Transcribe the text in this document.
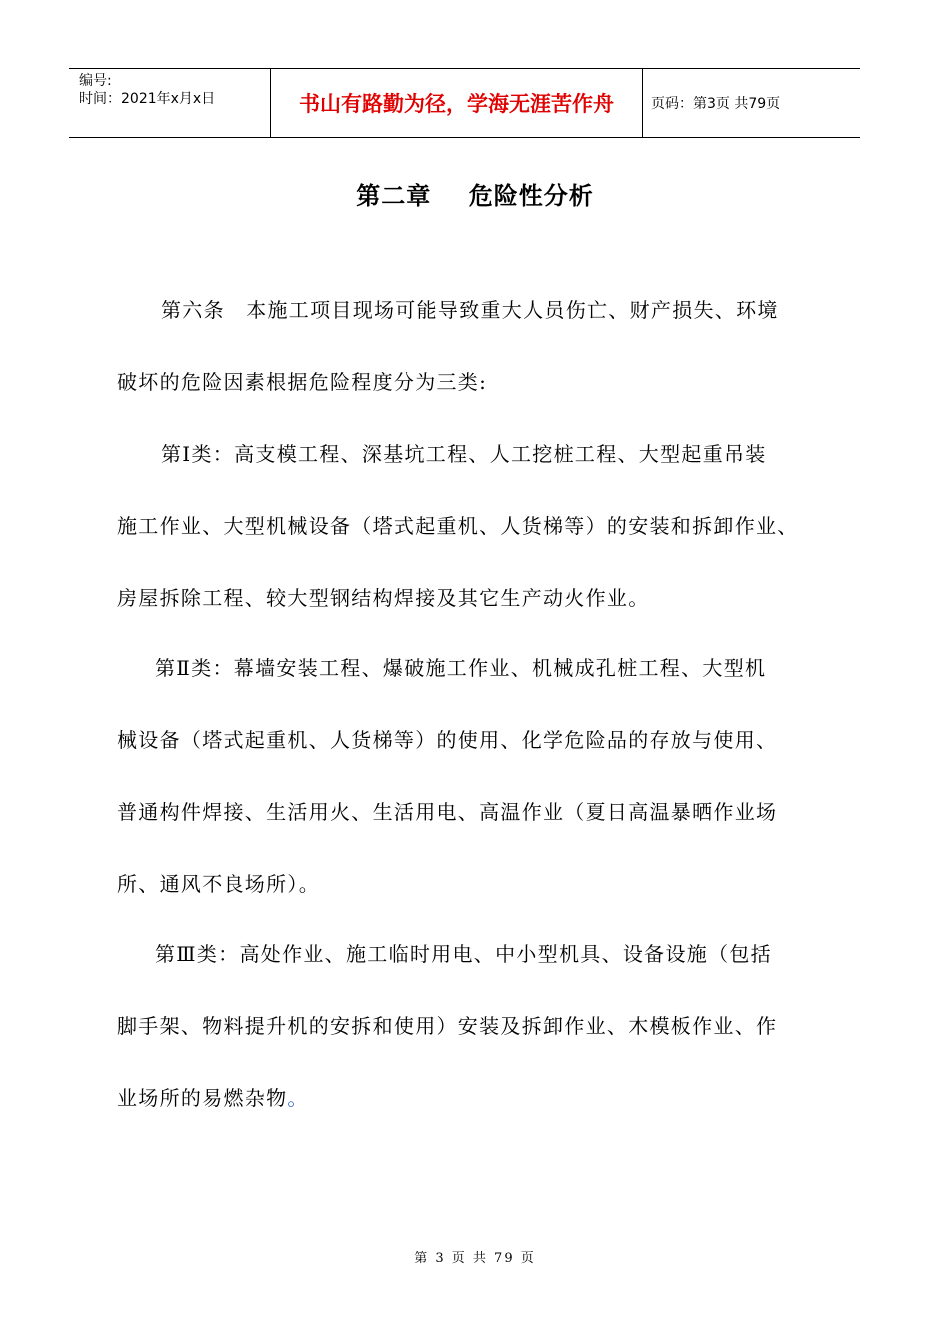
编号:
时间：2021年x月x日	书山有路勤为径，学海无涯苦作舟	页码：第3页 共79页
第二章 危险性分析
第六条　本施工项目现场可能导致重大人员伤亡、财产损失、环境
破坏的危险因素根据危险程度分为三类:
第Ⅰ类：高支模工程、深基坑工程、人工挖桩工程、大型起重吊装
施工作业、大型机械设备（塔式起重机、人货梯等）的安装和拆卸作业、
房屋拆除工程、较大型钢结构焊接及其它生产动火作业。
第Ⅱ类：幕墙安装工程、爆破施工作业、机械成孔桩工程、大型机
械设备（塔式起重机、人货梯等）的使用、化学危险品的存放与使用、
普通构件焊接、生活用火、生活用电、高温作业（夏日高温暴晒作业场
所、通风不良场所）。
第Ⅲ类：高处作业、施工临时用电、中小型机具、设备设施（包括
脚手架、物料提升机的安拆和使用）安装及拆卸作业、木模板作业、作
业场所的易燃杂物。
第 3 页 共 79 页
